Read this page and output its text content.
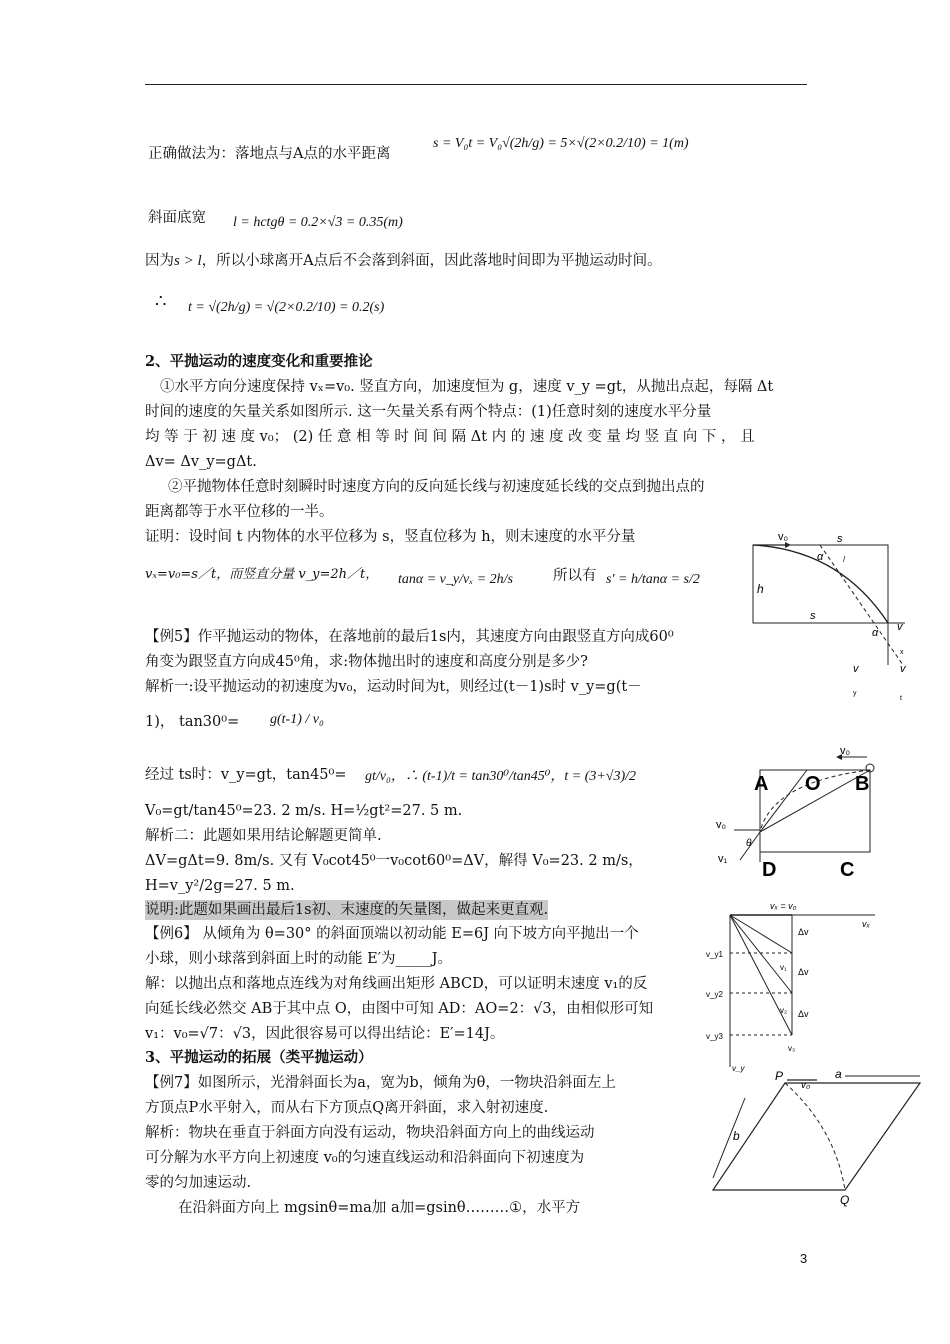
正确做法为：落地点与A点的水平距离
s = V₀t = V₀√(2h/g) = 5×√(2×0.2/10) = 1(m)
斜面底宽 l = hctgθ = 0.2×√3 = 0.35(m)
因为s > l，所以小球离开A点后不会落到斜面，因此落地时间即为平抛运动时间。
∴ t = √(2h/g) = √(2×0.2/10) = 0.2(s)
2、平抛运动的速度变化和重要推论
①水平方向分速度保持 vₓ=v₀. 竖直方向，加速度恒为 g，速度 v_y =gt，从抛出点起，每隔 Δt
时间的速度的矢量关系如图所示. 这一矢量关系有两个特点：(1)任意时刻的速度水平分量
均 等 于 初 速 度 v₀； (2) 任 意 相 等 时 间 间 隔 Δt 内 的 速 度 改 变 量 均 竖 直 向 下 ， 且
Δv= Δv_y=gΔt.
②平抛物体任意时刻瞬时时速度方向的反向延长线与初速度延长线的交点到抛出点的
距离都等于水平位移的一半。
证明：设时间 t 内物体的水平位移为 s，竖直位移为 h，则末速度的水平分量
vₓ=v₀=s／t，而竖直分量 v_y=2h／t， tanα = v_y/vₓ = 2h/s	所以有 s′ = h/tanα = s/2
【例5】作平抛运动的物体，在落地前的最后1s内，其速度方向由跟竖直方向成60⁰
角变为跟竖直方向成45⁰角，求:物体抛出时的速度和高度分别是多少?
解析一:设平抛运动的初速度为v₀，运动时间为t，则经过(t－1)s时 v_y=g(t－
1)， tan30⁰= g(t-1) / v₀
经过 ts时：v_y=gt，tan45⁰= gt/v₀，∴ (t-1)/t = tan30⁰/tan45⁰，t = (3+√3)/2
V₀=gt/tan45⁰=23. 2 m/s. H=½gt²=27. 5 m.
解析二：此题如果用结论解题更简单.
ΔV=gΔt=9. 8m/s. 又有 V₀cot45⁰一v₀cot60⁰=ΔV，解得 V₀=23. 2 m/s，
H=v_y²/2g=27. 5 m.
说明:此题如果画出最后1s初、末速度的矢量图，做起来更直观.
【例6】 从倾角为 θ=30° 的斜面顶端以初动能 E=6J 向下坡方向平抛出一个
小球，则小球落到斜面上时的动能 E′为_____J。
解：以抛出点和落地点连线为对角线画出矩形 ABCD，可以证明末速度 v₁的反
向延长线必然交 AB于其中点 O，由图中可知 AD：AO=2：√3，由相似形可知
v₁：v₀=√7：√3，因此很容易可以得出结论：E′=14J。
3、平抛运动的拓展（类平抛运动）
【例7】如图所示，光滑斜面长为a，宽为b，倾角为θ，一物块沿斜面左上
方顶点P水平射入，而从右下方顶点Q离开斜面，求入射初速度.
解析：物块在垂直于斜面方向没有运动，物块沿斜面方向上的曲线运动
可分解为水平方向上初速度 v₀的匀速直线运动和沿斜面向下初速度为
零的匀加速运动.
在沿斜面方向上 mgsinθ=ma加 a加=gsinθ………①，水平方
3
v₀	s
α /
h
s
α v
x
v	v
y
t
v₀
A O B
v₀
θ
v₁ D	C
vₓ = v₀
vₓ
v_y1
Δv
v₁ Δv
v_y2
v₂ Δv
v_y3
v₃
v_y
P
v₀
a
b
Q
